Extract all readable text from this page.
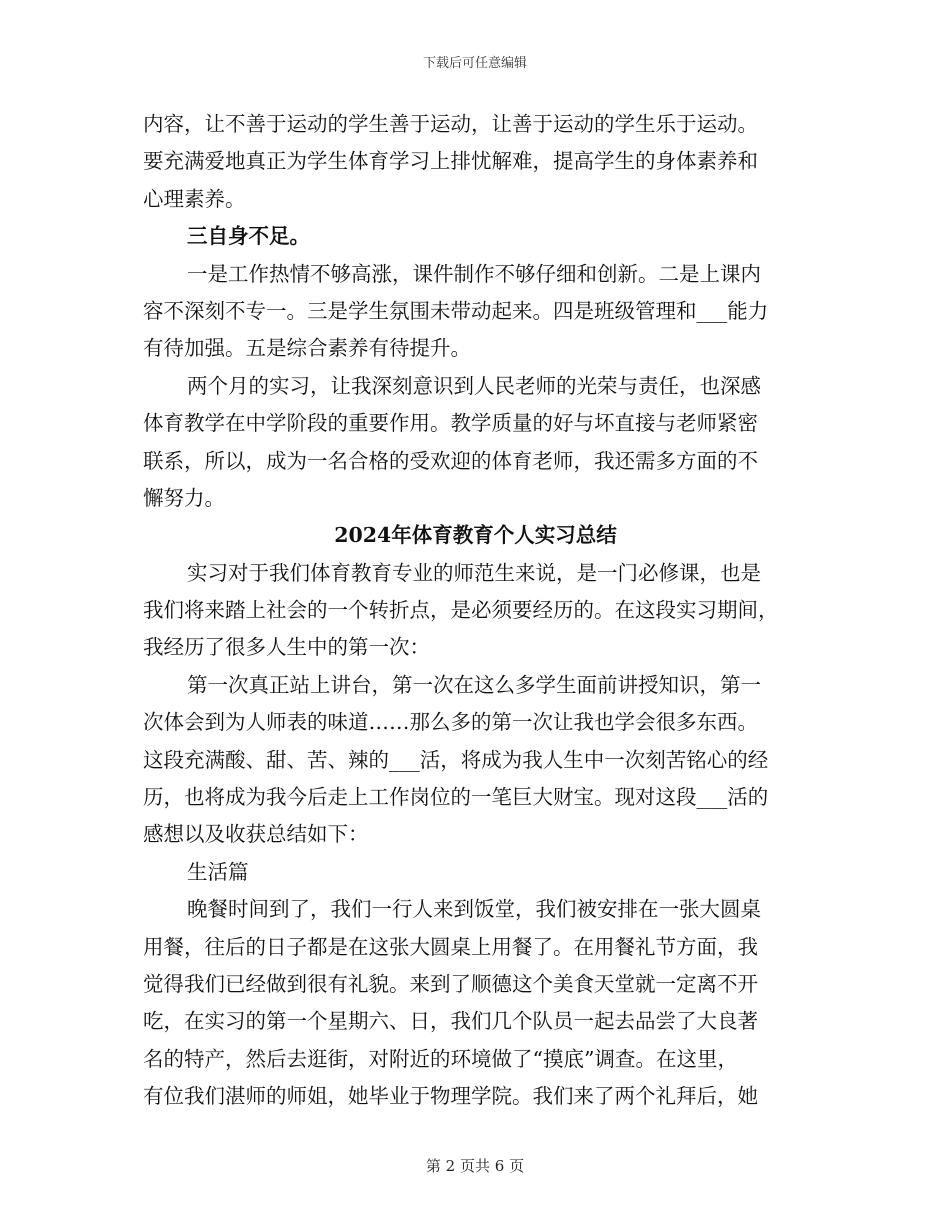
下载后可任意编辑
内容，让不善于运动的学生善于运动，让善于运动的学生乐于运动。
要充满爱地真正为学生体育学习上排忧解难，提高学生的身体素养和
心理素养。
三自身不足。
一是工作热情不够高涨，课件制作不够仔细和创新。二是上课内
容不深刻不专一。三是学生氛围未带动起来。四是班级管理和___能力
有待加强。五是综合素养有待提升。
两个月的实习，让我深刻意识到人民老师的光荣与责任，也深感
体育教学在中学阶段的重要作用。教学质量的好与坏直接与老师紧密
联系，所以，成为一名合格的受欢迎的体育老师，我还需多方面的不
懈努力。
2024年体育教育个人实习总结
实习对于我们体育教育专业的师范生来说，是一门必修课，也是
我们将来踏上社会的一个转折点，是必须要经历的。在这段实习期间，
我经历了很多人生中的第一次：
第一次真正站上讲台，第一次在这么多学生面前讲授知识，第一
次体会到为人师表的味道……那么多的第一次让我也学会很多东西。
这段充满酸、甜、苦、辣的___活，将成为我人生中一次刻苦铭心的经
历，也将成为我今后走上工作岗位的一笔巨大财宝。现对这段___活的
感想以及收获总结如下：
生活篇
晚餐时间到了，我们一行人来到饭堂，我们被安排在一张大圆桌
用餐，往后的日子都是在这张大圆桌上用餐了。在用餐礼节方面，我
觉得我们已经做到很有礼貌。来到了顺德这个美食天堂就一定离不开
吃，在实习的第一个星期六、日，我们几个队员一起去品尝了大良著
名的特产，然后去逛街，对附近的环境做了“摸底”调查。在这里，
有位我们湛师的师姐，她毕业于物理学院。我们来了两个礼拜后，她
第 2 页共 6 页
